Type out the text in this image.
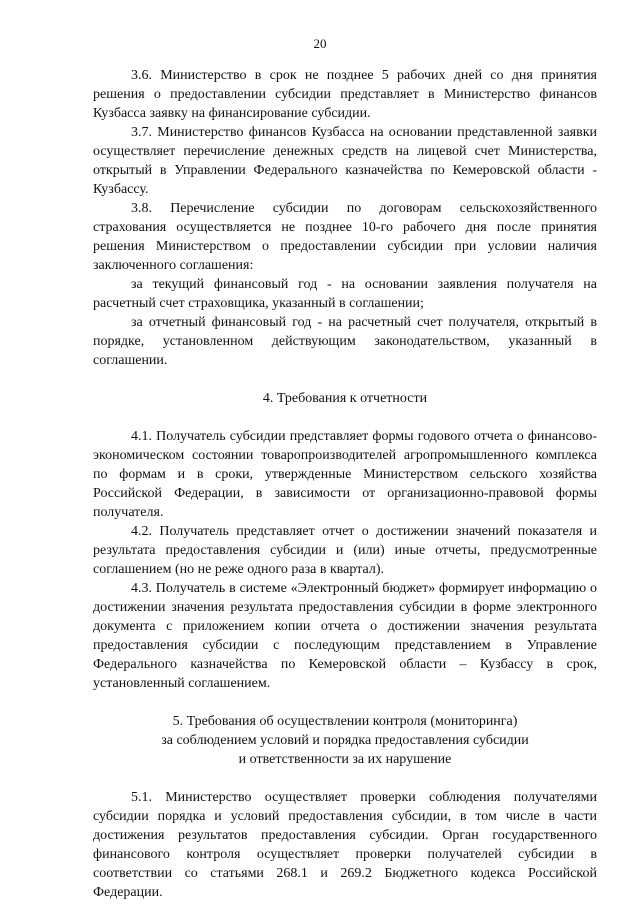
20

3.6. Министерство в срок не позднее 5 рабочих дней со дня принятия решения о предоставлении субсидии представляет в Министерство финансов Кузбасса заявку на финансирование субсидии.

3.7. Министерство финансов Кузбасса на основании представленной заявки осуществляет перечисление денежных средств на лицевой счет Министерства, открытый в Управлении Федерального казначейства по Кемеровской области - Кузбассу.

3.8. Перечисление субсидии по договорам сельскохозяйственного страхования осуществляется не позднее 10-го рабочего дня после принятия решения Министерством о предоставлении субсидии при условии наличия заключенного соглашения:

за текущий финансовый год - на основании заявления получателя на расчетный счет страховщика, указанный в соглашении;

за отчетный финансовый год - на расчетный счет получателя, открытый в порядке, установленном действующим законодательством, указанный в соглашении.

4. Требования к отчетности

4.1. Получатель субсидии представляет формы годового отчета о финансово-экономическом состоянии товаропроизводителей агропромышленного комплекса по формам и в сроки, утвержденные Министерством сельского хозяйства Российской Федерации, в зависимости от организационно-правовой формы получателя.

4.2. Получатель представляет отчет о достижении значений показателя и результата предоставления субсидии и (или) иные отчеты, предусмотренные соглашением (но не реже одного раза в квартал).

4.3. Получатель в системе «Электронный бюджет» формирует информацию о достижении значения результата предоставления субсидии в форме электронного документа с приложением копии отчета о достижении значения результата предоставления субсидии с последующим представлением в Управление Федерального казначейства по Кемеровской области – Кузбассу в срок, установленный соглашением.

5. Требования об осуществлении контроля (мониторинга)
за соблюдением условий и порядка предоставления субсидии
и ответственности за их нарушение

5.1. Министерство осуществляет проверки соблюдения получателями субсидии порядка и условий предоставления субсидии, в том числе в части достижения результатов предоставления субсидии. Орган государственного финансового контроля осуществляет проверки получателей субсидии в соответствии со статьями 268.1 и 269.2 Бюджетного кодекса Российской Федерации.
